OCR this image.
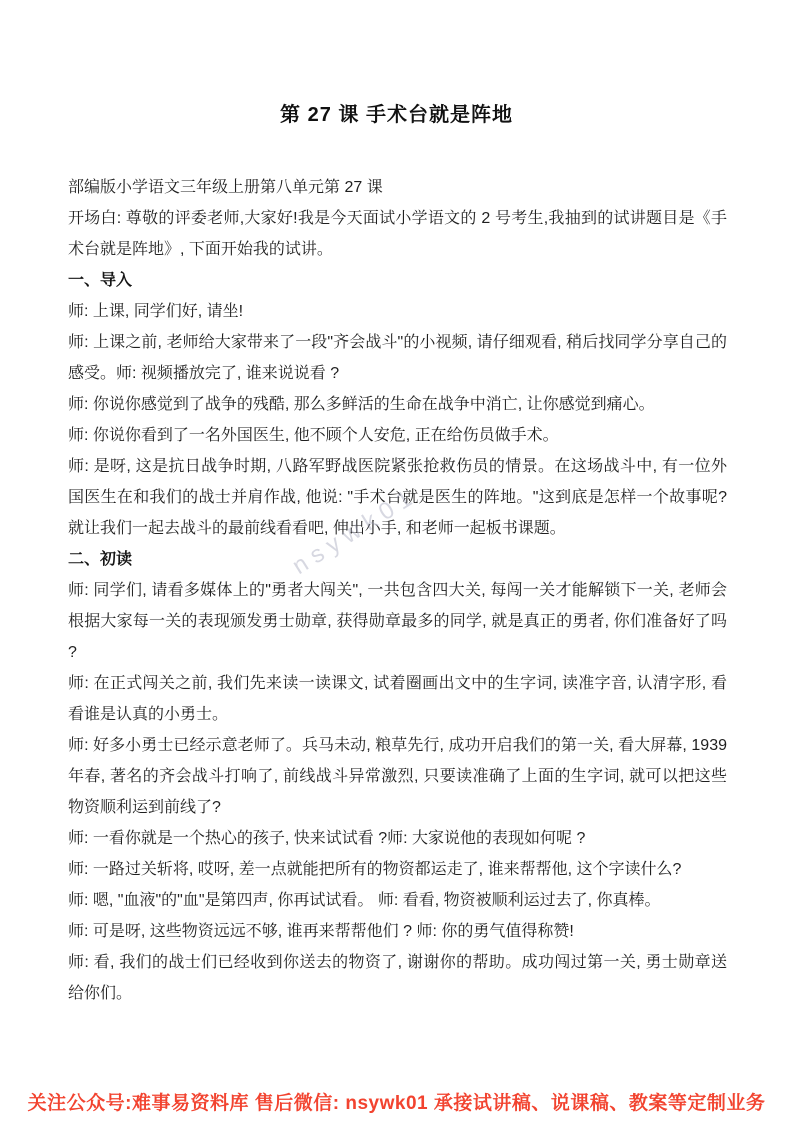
第 27 课 手术台就是阵地

部编版小学语文三年级上册第八单元第 27 课

开场白: 尊敬的评委老师,大家好!我是今天面试小学语文的 2 号考生,我抽到的试讲题目是《手术台就是阵地》, 下面开始我的试讲。

一、导入

师: 上课, 同学们好, 请坐!

师: 上课之前, 老师给大家带来了一段"齐会战斗"的小视频, 请仔细观看, 稍后找同学分享自己的感受。师: 视频播放完了, 谁来说说看 ?

师: 你说你感觉到了战争的残酷, 那么多鲜活的生命在战争中消亡, 让你感觉到痛心。

师: 你说你看到了一名外国医生, 他不顾个人安危, 正在给伤员做手术。

师: 是呀, 这是抗日战争时期, 八路军野战医院紧张抢救伤员的情景。在这场战斗中, 有一位外国医生在和我们的战士并肩作战, 他说: "手术台就是医生的阵地。"这到底是怎样一个故事呢?就让我们一起去战斗的最前线看看吧, 伸出小手, 和老师一起板书课题。

二、初读

师: 同学们, 请看多媒体上的"勇者大闯关", 一共包含四大关, 每闯一关才能解锁下一关, 老师会根据大家每一关的表现颁发勇士勋章, 获得勋章最多的同学, 就是真正的勇者, 你们准备好了吗 ?

师: 在正式闯关之前, 我们先来读一读课文, 试着圈画出文中的生字词, 读准字音, 认清字形, 看看谁是认真的小勇士。

师: 好多小勇士已经示意老师了。兵马未动, 粮草先行, 成功开启我们的第一关, 看大屏幕, 1939 年春, 著名的齐会战斗打响了, 前线战斗异常激烈, 只要读准确了上面的生字词, 就可以把这些物资顺利运到前线了?

师: 一看你就是一个热心的孩子, 快来试试看 ?师: 大家说他的表现如何呢 ?

师: 一路过关斩将, 哎呀, 差一点就能把所有的物资都运走了, 谁来帮帮他, 这个字读什么?

师: 嗯, "血液"的"血"是第四声, 你再试试看。 师: 看看, 物资被顺利运过去了, 你真棒。

师: 可是呀, 这些物资远远不够, 谁再来帮帮他们 ? 师: 你的勇气值得称赞!

师: 看, 我们的战士们已经收到你送去的物资了, 谢谢你的帮助。成功闯过第一关, 勇士勋章送给你们。

nsywk01
关注公众号:难事易资料库 售后微信: nsywk01 承接试讲稿、说课稿、教案等定制业务
